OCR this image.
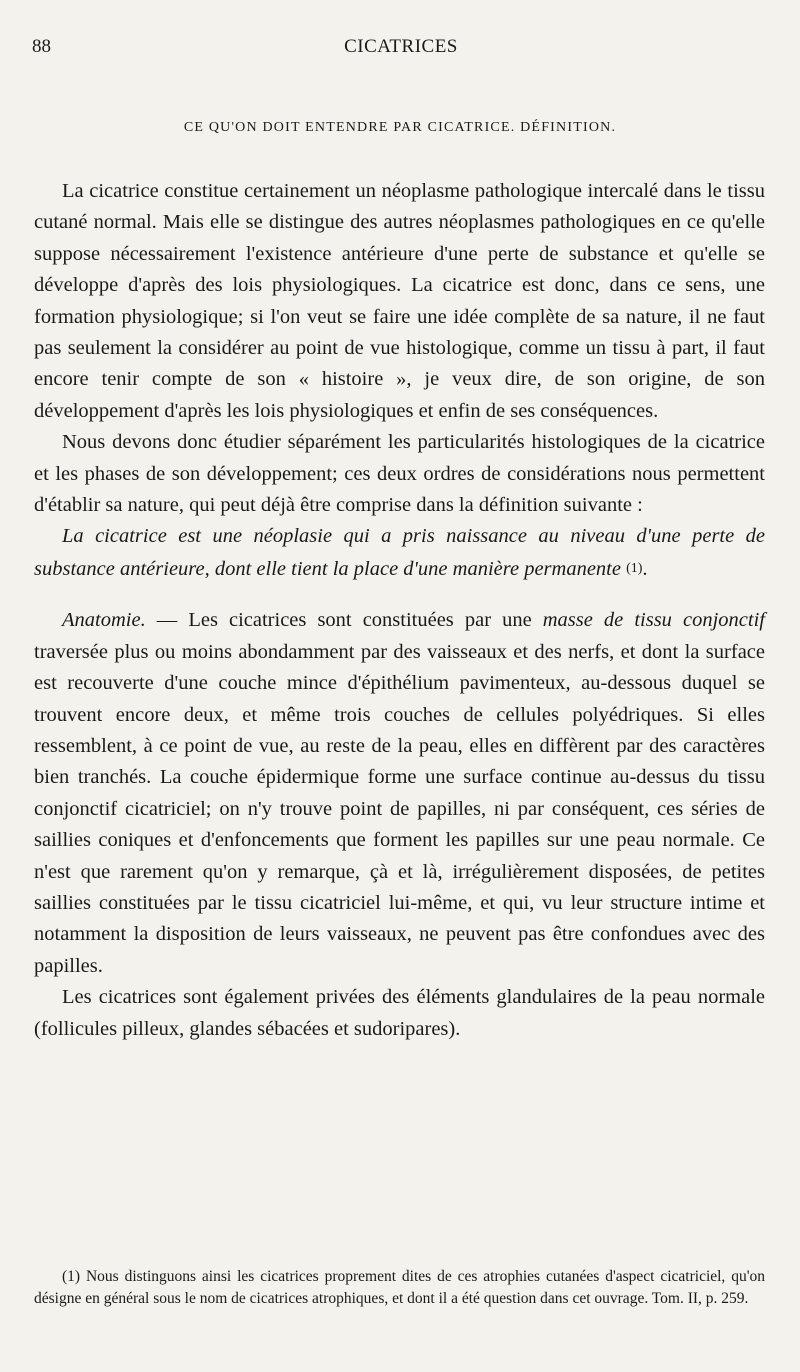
88	CICATRICES
CE QU'ON DOIT ENTENDRE PAR CICATRICE. DÉFINITION.

La cicatrice constitue certainement un néoplasme pathologique intercalé dans le tissu cutané normal. Mais elle se distingue des autres néoplasmes pathologiques en ce qu'elle suppose nécessairement l'existence antérieure d'une perte de substance et qu'elle se développe d'après des lois physiologiques. La cicatrice est donc, dans ce sens, une formation physiologique; si l'on veut se faire une idée complète de sa nature, il ne faut pas seulement la considérer au point de vue histologique, comme un tissu à part, il faut encore tenir compte de son « histoire », je veux dire, de son origine, de son développement d'après les lois physiologiques et enfin de ses conséquences.

Nous devons donc étudier séparément les particularités histologiques de la cicatrice et les phases de son développement; ces deux ordres de considérations nous permettent d'établir sa nature, qui peut déjà être comprise dans la définition suivante :

La cicatrice est une néoplasie qui a pris naissance au niveau d'une perte de substance antérieure, dont elle tient la place d'une manière permanente $^{(1)}$.

Anatomie. — Les cicatrices sont constituées par une masse de tissu conjonctif traversée plus ou moins abondamment par des vaisseaux et des nerfs, et dont la surface est recouverte d'une couche mince d'épithélium pavimenteux, au-dessous duquel se trouvent encore deux, et même trois couches de cellules polyédriques. Si elles ressemblent, à ce point de vue, au reste de la peau, elles en diffèrent par des caractères bien tranchés. La couche épidermique forme une surface continue au-dessus du tissu conjonctif cicatriciel; on n'y trouve point de papilles, ni par conséquent, ces séries de saillies coniques et d'enfoncements que forment les papilles sur une peau normale. Ce n'est que rarement qu'on y remarque, çà et là, irrégulièrement disposées, de petites saillies constituées par le tissu cicatriciel lui-même, et qui, vu leur structure intime et notamment la disposition de leurs vaisseaux, ne peuvent pas être confondues avec des papilles.

Les cicatrices sont également privées des éléments glandulaires de la peau normale (follicules pilleux, glandes sébacées et sudoripares).

(1) Nous distinguons ainsi les cicatrices proprement dites de ces atrophies cutanées d'aspect cicatriciel, qu'on désigne en général sous le nom de cicatrices atrophiques, et dont il a été question dans cet ouvrage. Tom. II, p. 259.
